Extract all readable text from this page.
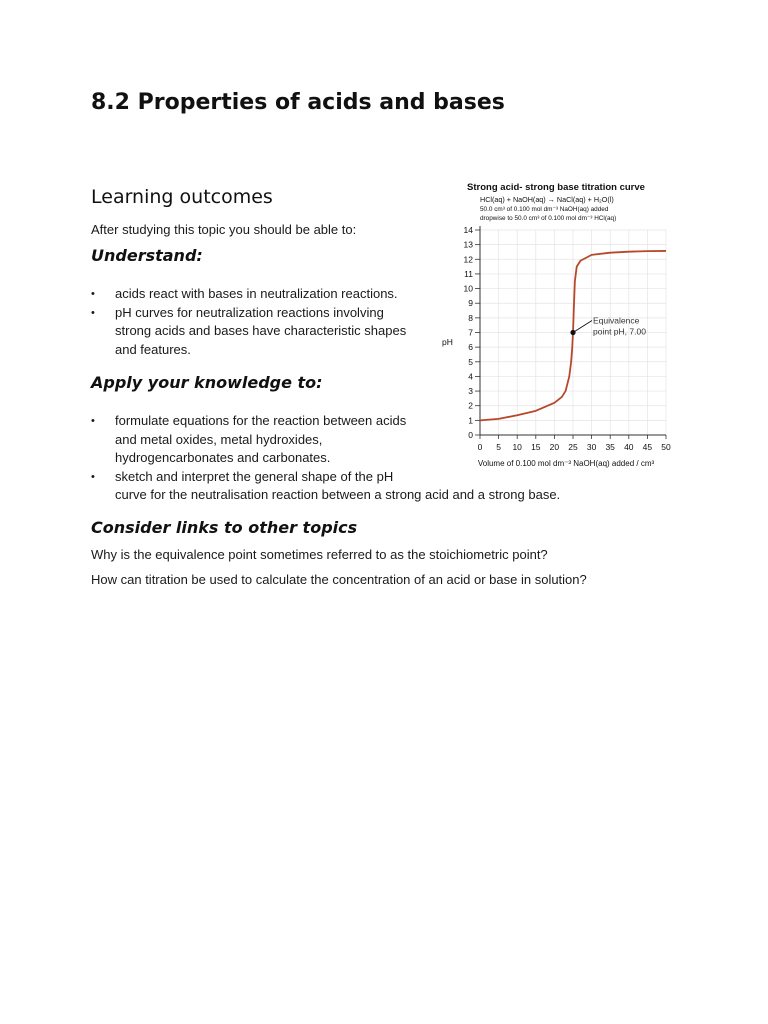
8.2 Properties of acids and bases
Learning outcomes

After studying this topic you should be able to:

Understand:
• acids react with bases in neutralization reactions.
• pH curves for neutralization reactions involving
strong acids and bases have characteristic shapes
and features.
Apply your knowledge to:
• formulate equations for the reaction between acids
and metal oxides, metal hydroxides,
hydrogencarbonates and carbonates.
• sketch and interpret the general shape of the pH
curve for the neutralisation reaction between a strong acid and a strong base.
Consider links to other topics

Why is the equivalence point sometimes referred to as the stoichiometric point?

How can titration be used to calculate the concentration of an acid or base in solution?

Strong acid- strong base titration curve
HCl(aq) + NaOH(aq) → NaCl(aq) + H₂O(l)
50.0 cm³ of 0.100 mol dm⁻³ NaOH(aq) added
dropwise to 50.0 cm³ of 0.100 mol dm⁻³ HCl(aq)
0
1
2
3
4
5
6
7
8
9
10
11
12
13
14
0 5 10 15 20 25 30 35 40 45 50
Equivalence
point pH, 7.00
pH
Volume of 0.100 mol dm⁻³ NaOH(aq) added / cm³
